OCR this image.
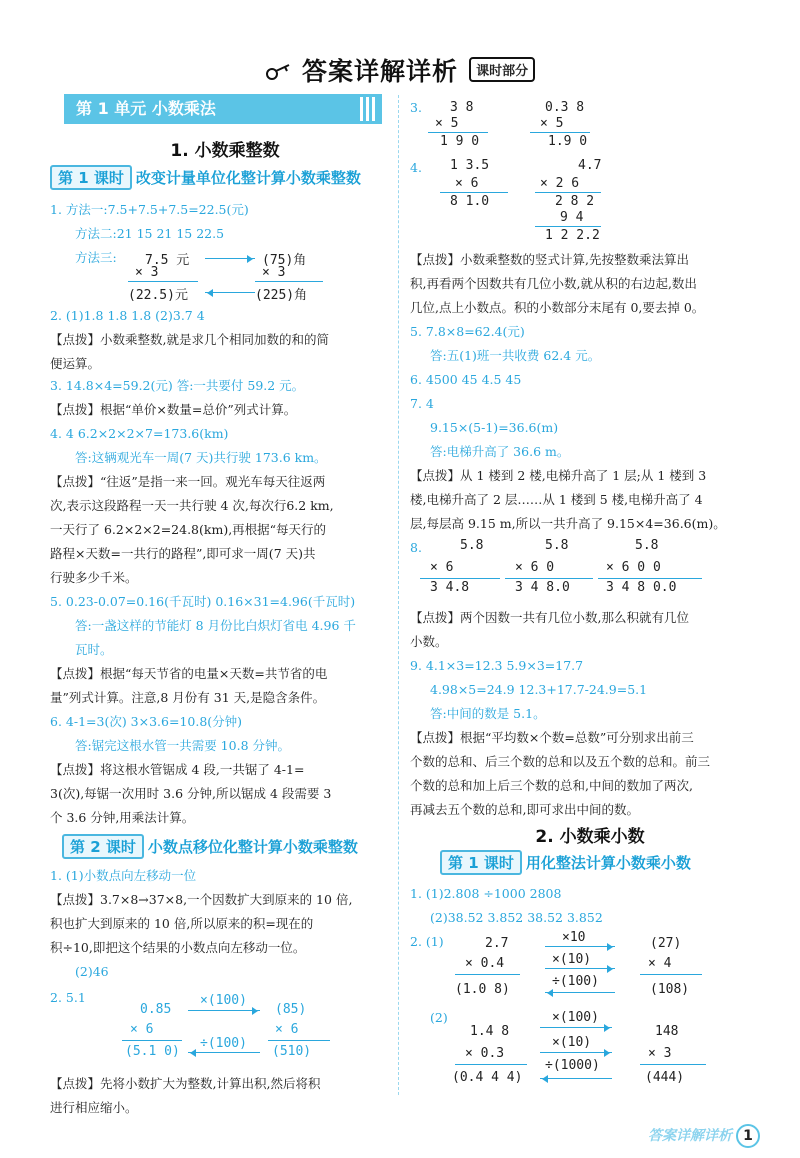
答案详解详析 课时部分
第 1 单元 小数乘法
1. 小数乘整数
第 1 课时 改变计量单位化整计算小数乘整数
1. 方法一:7.5+7.5+7.5=22.5(元)
方法二:21 15 21 15 22.5
方法三: 7.5 元
× 3
(22.5)元
(75)角
× 3
(225)角
2. (1)1.8 1.8 1.8 (2)3.7 4
【点拨】小数乘整数,就是求几个相同加数的和的简
便运算。
3. 14.8×4=59.2(元) 答:一共要付 59.2 元。
【点拨】根据“单价×数量=总价”列式计算。
4. 4 6.2×2×2×7=173.6(km)
答:这辆观光车一周(7 天)共行驶 173.6 km。
【点拨】“往返”是指一来一回。观光车每天往返两
次,表示这段路程一天一共行驶 4 次,每次行6.2 km,
一天行了 6.2×2×2=24.8(km),再根据“每天行的
路程×天数=一共行的路程”,即可求一周(7 天)共
行驶多少千米。
5. 0.23-0.07=0.16(千瓦时) 0.16×31=4.96(千瓦时)
答:一盏这样的节能灯 8 月份比白炽灯省电 4.96 千
瓦时。
【点拨】根据“每天节省的电量×天数=共节省的电
量”列式计算。注意,8 月份有 31 天,是隐含条件。
6. 4-1=3(次) 3×3.6=10.8(分钟)
答:锯完这根水管一共需要 10.8 分钟。
【点拨】将这根水管锯成 4 段,一共锯了 4-1=
3(次),每锯一次用时 3.6 分钟,所以锯成 4 段需要 3
个 3.6 分钟,用乘法计算。
第 2 课时 小数点移位化整计算小数乘整数
1. (1)小数点向左移动一位
【点拨】3.7×8→37×8,一个因数扩大到原来的 10 倍,
积也扩大到原来的 10 倍,所以原来的积=现在的
积÷10,即把这个结果的小数点向左移动一位。
(2)46
2. 5.1
0.85
× 6
(5.1 0)
×(100)
÷(100)
(85)
× 6
(510)
【点拨】先将小数扩大为整数,计算出积,然后将积
进行相应缩小。
3. 3 8
× 5
1 9 0
0.3 8
× 5
1.9 0
4. 1 3.5
× 6
8 1.0
4.7
× 2 6
2 8 2
9 4
1 2 2.2
【点拨】小数乘整数的竖式计算,先按整数乘法算出
积,再看两个因数共有几位小数,就从积的右边起,数出
几位,点上小数点。积的小数部分末尾有 0,要去掉 0。
5. 7.8×8=62.4(元)
答:五(1)班一共收费 62.4 元。
6. 4500 45 4.5 45
7. 4
9.15×(5-1)=36.6(m)
答:电梯升高了 36.6 m。
【点拨】从 1 楼到 2 楼,电梯升高了 1 层;从 1 楼到 3
楼,电梯升高了 2 层……从 1 楼到 5 楼,电梯升高了 4
层,每层高 9.15 m,所以一共升高了 9.15×4=36.6(m)。
8.	5.8
× 6
3 4.8
5.8
× 6 0
3 4 8.0
5.8
× 6 0 0
3 4 8 0.0
【点拨】两个因数一共有几位小数,那么积就有几位
小数。
9. 4.1×3=12.3 5.9×3=17.7
4.98×5=24.9 12.3+17.7-24.9=5.1
答:中间的数是 5.1。
【点拨】根据“平均数×个数=总数”可分别求出前三
个数的总和、后三个数的总和以及五个数的总和。前三
个数的总和加上后三个数的总和,中间的数加了两次,
再减去五个数的总和,即可求出中间的数。
2. 小数乘小数
第 1 课时 用化整法计算小数乘小数
1. (1)2.808 ÷1000 2808
(2)38.52 3.852 38.52 3.852
2. (1)	2.7
× 0.4
(1.0 8)
×10
×(10)
÷(100)
(27)
× 4
(108)
(2)
1.4 8
× 0.3
(0.4 4 4)
×(100)
×(10)
÷(1000)
148
× 3
(444)
答案详解详析 1
